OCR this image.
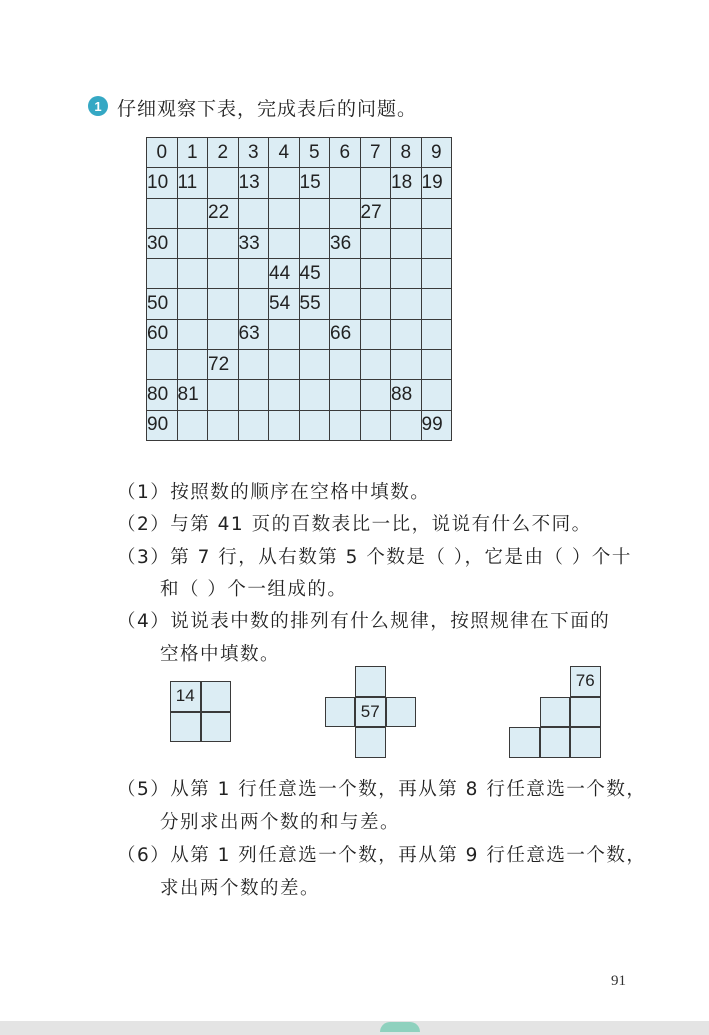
1 仔细观察下表，完成表后的问题。
0	1	2	3	4	5	6	7	8	9
10	11		13		15			18	19
		22					27		
30			33			36			
				44	45				
50				54	55				
60			63			66			
		72							
80	81							88	
90									99
（1）按照数的顺序在空格中填数。
（2）与第 41 页的百数表比一比，说说有什么不同。
（3）第 7 行，从右数第 5 个数是（ ），它是由（ ）个十
和（ ）个一组成的。
（4）说说表中数的排列有什么规律，按照规律在下面的
空格中填数。
14
57
76
（5）从第 1 行任意选一个数，再从第 8 行任意选一个数，
分别求出两个数的和与差。
（6）从第 1 列任意选一个数，再从第 9 行任意选一个数，
求出两个数的差。
91
